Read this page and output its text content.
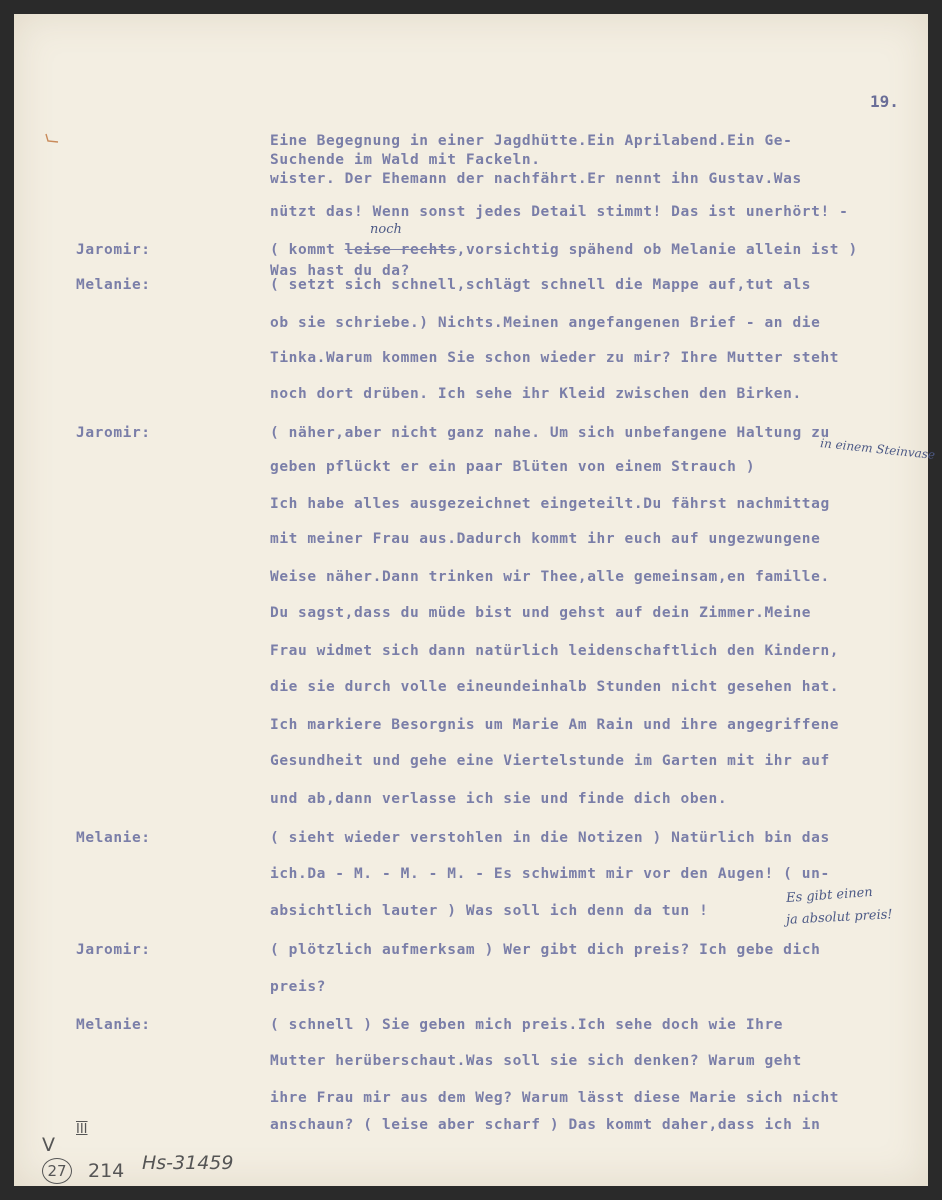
19.
Eine Begegnung in einer Jagdhütte.Ein Aprilabend.Ein Ge-
Suchende im Wald mit Fackeln.
wister. Der Ehemann der nachfährt.Er nennt ihn Gustav.Was
nützt das! Wenn sonst jedes Detail stimmt! Das ist unerhört! -
Jaromir:	( kommt leise rechts,vorsichtig spähend ob Melanie allein ist )
Was hast du da?
Melanie:	( setzt sich schnell,schlägt schnell die Mappe auf,tut als
ob sie schriebe.) Nichts.Meinen angefangenen Brief - an die
Tinka.Warum kommen Sie schon wieder zu mir? Ihre Mutter steht
noch dort drüben. Ich sehe ihr Kleid zwischen den Birken.
Jaromir:	( näher,aber nicht ganz nahe. Um sich unbefangene Haltung zu
geben pflückt er ein paar Blüten von einem Strauch )
Ich habe alles ausgezeichnet eingeteilt.Du fährst nachmittag
mit meiner Frau aus.Dadurch kommt ihr euch auf ungezwungene
Weise näher.Dann trinken wir Thee,alle gemeinsam,en famille.
Du sagst,dass du müde bist und gehst auf dein Zimmer.Meine
Frau widmet sich dann natürlich leidenschaftlich den Kindern,
die sie durch volle eineundeinhalb Stunden nicht gesehen hat.
Ich markiere Besorgnis um Marie Am Rain und ihre angegriffene
Gesundheit und gehe eine Viertelstunde im Garten mit ihr auf
und ab,dann verlasse ich sie und finde dich oben.
Melanie:	( sieht wieder verstohlen in die Notizen ) Natürlich bin das
ich.Da - M. - M. - M. - Es schwimmt mir vor den Augen! ( un-
absichtlich lauter ) Was soll ich denn da tun !
Jaromir:	( plötzlich aufmerksam ) Wer gibt dich preis? Ich gebe dich
preis?
Melanie:	( schnell ) Sie geben mich preis.Ich sehe doch wie Ihre
Mutter herüberschaut.Was soll sie sich denken? Warum geht
ihre Frau mir aus dem Weg? Warum lässt diese Marie sich nicht
anschaun? ( leise aber scharf ) Das kommt daher,dass ich in
noch
in einem Steinvase
Es gibt einen
ja absolut preis!
V
III
27 214 Hs-31459
